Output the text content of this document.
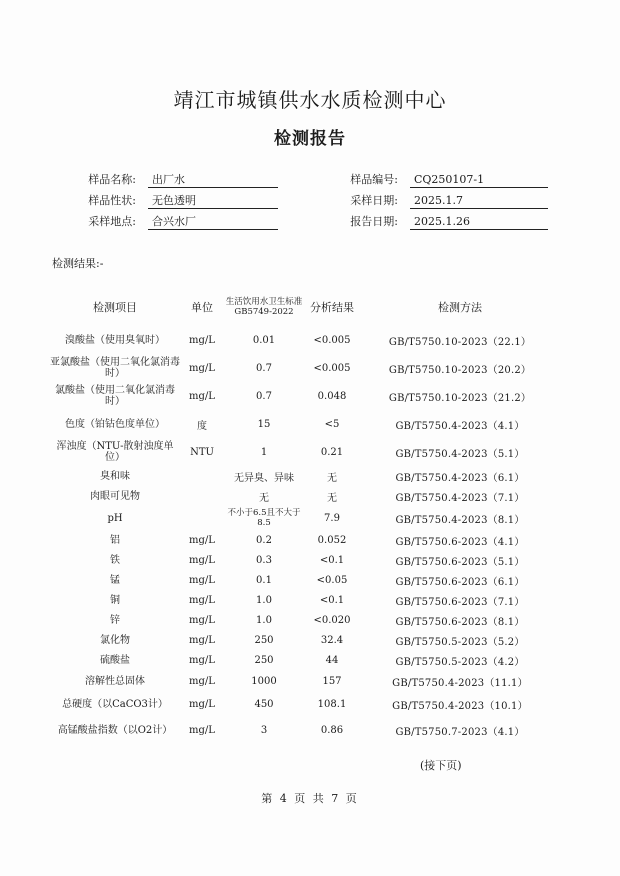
靖江市城镇供水水质检测中心
检测报告
样品名称:	出厂水
样品性状:	无色透明
采样地点:	合兴水厂
样品编号:	CQ250107-1
采样日期:	2025.1.7
报告日期:	2025.1.26
检测结果:-
检测项目	单位	生活饮用水卫生标准GB5749-2022	分析结果	检测方法
溴酸盐（使用臭氧时）	mg/L	0.01	<0.005	GB/T5750.10-2023（22.1）
亚氯酸盐（使用二氧化氯消毒时）	mg/L	0.7	<0.005	GB/T5750.10-2023（20.2）
氯酸盐（使用二氧化氯消毒时）	mg/L	0.7	0.048	GB/T5750.10-2023（21.2）
色度（铂钴色度单位）	度	15	<5	GB/T5750.4-2023（4.1）
浑浊度（NTU-散射浊度单位）	NTU	1	0.21	GB/T5750.4-2023（5.1）
臭和味		无异臭、异味	无	GB/T5750.4-2023（6.1）
肉眼可见物		无	无	GB/T5750.4-2023（7.1）
pH		不小于6.5且不大于8.5	7.9	GB/T5750.4-2023（8.1）
铝	mg/L	0.2	0.052	GB/T5750.6-2023（4.1）
铁	mg/L	0.3	<0.1	GB/T5750.6-2023（5.1）
锰	mg/L	0.1	<0.05	GB/T5750.6-2023（6.1）
铜	mg/L	1.0	<0.1	GB/T5750.6-2023（7.1）
锌	mg/L	1.0	<0.020	GB/T5750.6-2023（8.1）
氯化物	mg/L	250	32.4	GB/T5750.5-2023（5.2）
硫酸盐	mg/L	250	44	GB/T5750.5-2023（4.2）
溶解性总固体	mg/L	1000	157	GB/T5750.4-2023（11.1）
总硬度（以CaCO3计）	mg/L	450	108.1	GB/T5750.4-2023（10.1）
高锰酸盐指数（以O2计）	mg/L	3	0.86	GB/T5750.7-2023（4.1）
(接下页)
第 4 页 共 7 页
